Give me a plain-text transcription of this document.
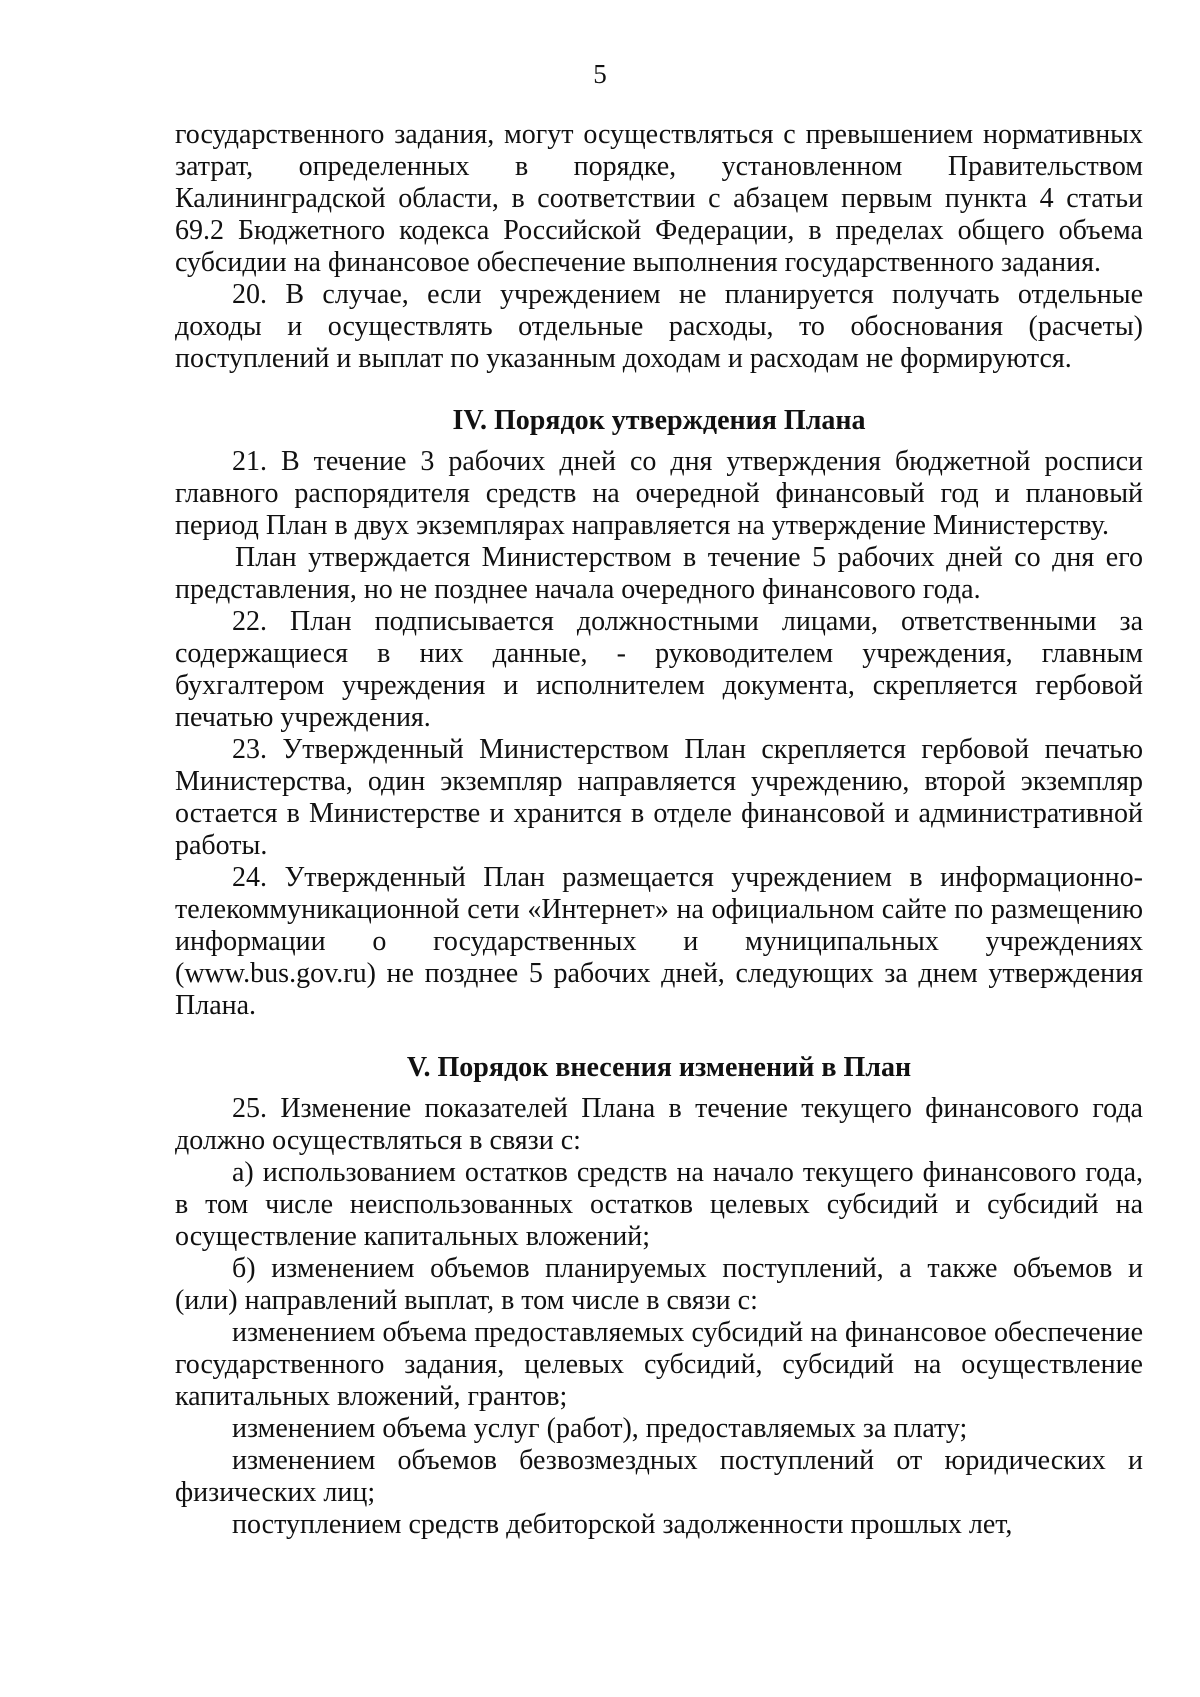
5

государственного задания, могут осуществляться с превышением нормативных затрат, определенных в порядке, установленном Правительством Калининградской области, в соответствии с абзацем первым пункта 4 статьи 69.2 Бюджетного кодекса Российской Федерации, в пределах общего объема субсидии на финансовое обеспечение выполнения государственного задания.

20. В случае, если учреждением не планируется получать отдельные доходы и осуществлять отдельные расходы, то обоснования (расчеты) поступлений и выплат по указанным доходам и расходам не формируются.

IV. Порядок утверждения Плана

21. В течение 3 рабочих дней со дня утверждения бюджетной росписи главного распорядителя средств на очередной финансовый год и плановый период План в двух экземплярах направляется на утверждение Министерству.

План утверждается Министерством в течение 5 рабочих дней со дня его представления, но не позднее начала очередного финансового года.

22. План подписывается должностными лицами, ответственными за содержащиеся в них данные, - руководителем учреждения, главным бухгалтером учреждения и исполнителем документа, скрепляется гербовой печатью учреждения.

23. Утвержденный Министерством План скрепляется гербовой печатью Министерства, один экземпляр направляется учреждению, второй экземпляр остается в Министерстве и хранится в отделе финансовой и административной работы.

24. Утвержденный План размещается учреждением в информационно-телекоммуникационной сети «Интернет» на официальном сайте по размещению информации о государственных и муниципальных учреждениях (www.bus.gov.ru) не позднее 5 рабочих дней, следующих за днем утверждения Плана.

V. Порядок внесения изменений в План

25. Изменение показателей Плана в течение текущего финансового года должно осуществляться в связи с:

а) использованием остатков средств на начало текущего финансового года, в том числе неиспользованных остатков целевых субсидий и субсидий на осуществление капитальных вложений;

б) изменением объемов планируемых поступлений, а также объемов и (или) направлений выплат, в том числе в связи с:

изменением объема предоставляемых субсидий на финансовое обеспечение государственного задания, целевых субсидий, субсидий на осуществление капитальных вложений, грантов;

изменением объема услуг (работ), предоставляемых за плату;

изменением объемов безвозмездных поступлений от юридических и физических лиц;

поступлением средств дебиторской задолженности прошлых лет,
